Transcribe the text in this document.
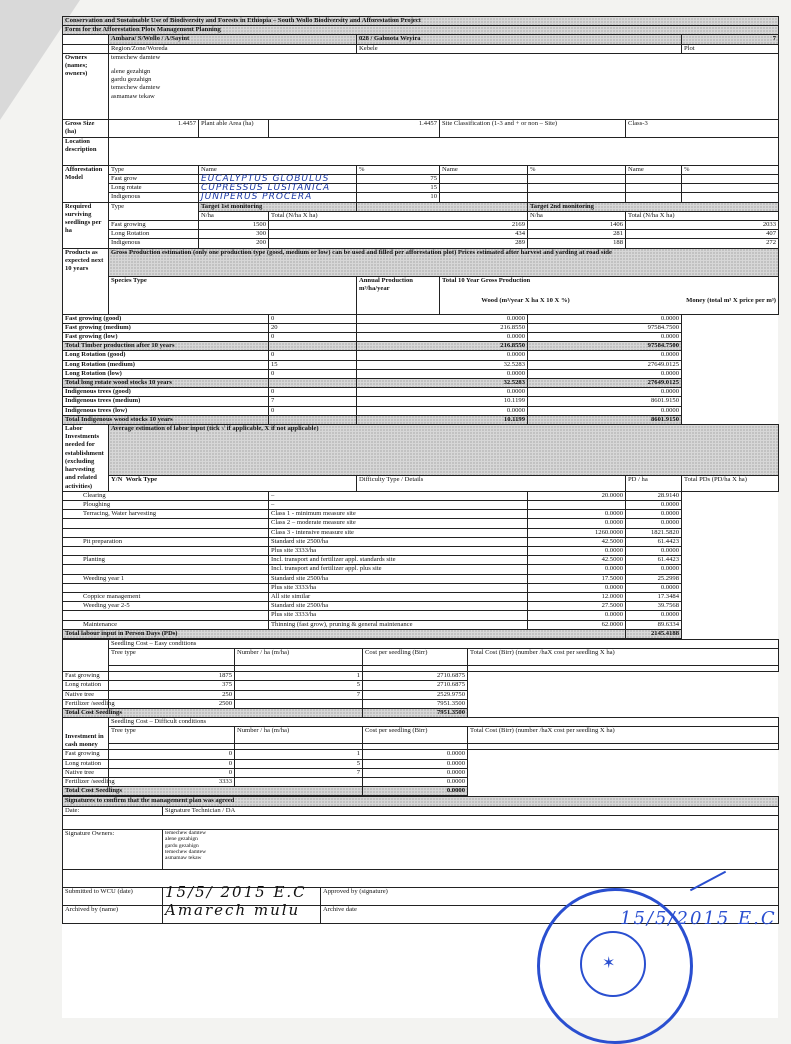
Conservation and Sustainable Use of Biodiversity and Forests in Ethiopia – South Wollo Biodiversity and Afforestation Project								
Form for the Afforestation Plots Management Planning								
	Amhara/ S/Wollo / A/Sayint			028 / Gabnota Weyira				7
	Region/Zone/Woreda			Kebele				Plot
Owners (names; owners)	temechew damtew
alene gezahign
gardu gezahign
temechew damtew
asmamaw tekaw							

Gross Size (ha)	1.4457	Plant able Area (ha)	1.4457		Site Classification (1-3 and + or non – Site)		Class-3	
Location description								
Afforestation Model	Type	Name		%	Name	%	Name	%
	Fast grow	EUCALYPTUS GLOBULUS		75				
	Long rotate	CUPRESSUS LUSITANICA		15				
	Indigenous	JUNIPERUS PROCERA		10				
Required surviving seedlings per ha	Type	Target 1st monitoring				Target 2nd monitoring		
		N/ha	Total (N/ha X ha)			N/ha	Total (N/ha X ha)	
	Fast growing	1500	2169			1406	2033	
	Long Rotation	300	434			281	407	
	Indigenous	200	289			188	272	
Products as expected next 10 years	Gross Production estimation (only one production type (good, medium or low) can be used and filled per afforestation plot) Prices estimated after harvest and yarding at road side							
	Species Type			Annual Production m³/ha/year	Total 10 Year Gross Production
Wood (m³/year X ha X 10 X %) Money (total m³ X price per m³)			

Fast growing (good)			0	0.0000		0.0000		
Fast growing (medium)			20	216.8550		97584.7500		
Fast growing (low)			0	0.0000		0.0000		
Total Timber production after 10 years				216.8550		97584.7500		
Long Rotation (good)			0	0.0000		0.0000		
Long Rotation (medium)			15	32.5283		27649.0125		
Long Rotation (low)			0	0.0000		0.0000		
Total long rotate wood stocks 10 years				32.5283		27649.0125		
Indigenous trees (good)			0	0.0000		0.0000		
Indigenous trees (medium)			7	10.1199		8601.9150		
Indigenous trees (low)			0	0.0000		0.0000		
Total Indigenous wood stocks 10 years				10.1199		8601.9150		
Labor Investments needed for establishment (excluding harvesting and related activities)	Average estimation of labor input (tick √ if applicable, X if not applicable)							
	Y/N Work Type			Difficulty Type / Details			PD / ha	Total PDs (PD/ha X ha)
Clearing			–			20.0000	28.9140	
Ploughing			–				0.0000	
Terracing, Water harvesting			Class 1 - minimum measure site			0.0000	0.0000	
			Class 2 – moderate measure site			0.0000	0.0000	
			Class 3 - intensive measure site			1260.0000	1821.5820	
Pit preparation			Standard site 2500/ha			42.5000	61.4423	
			Plus site 3333/ha			0.0000	0.0000	
Planting			Incl. transport and fertilizer appl. standards site			42.5000	61.4423	
			Incl. transport and fertilizer appl. plus site			0.0000	0.0000	
Weeding year 1			Standard site 2500/ha			17.5000	25.2998	
			Plus site 3333/ha			0.0000	0.0000	
Coppice management			All site similar			12.0000	17.3484	
Weeding year 2-5			Standard site 2500/ha			27.5000	39.7568	
			Plus site 3333/ha			0.0000	0.0000	
Maintenance			Thinning (fast grow), pruning & general maintenance			62.0000	89.6334	
Total labour input in Person Days (PDs)							2145.4188	
	Seedling Cost – Easy conditions			
	Tree type	Number / ha (m/ha)	Cost per seedling (Birr)	Total Cost (Birr) (number /haX cost per seedling X ha)

Fast growing	1875	1	2710.6875	
Long rotation	375	5	2710.6875	
Native tree	250	7	2529.9750	
Fertilizer /seedling	2500		7951.3500	
Total Cost Seedlings			7951.3500	
Investment in cash money	Seedling Cost – Difficult conditions			
	Tree type	Number / ha (m/ha)	Cost per seedling (Birr)	Total Cost (Birr) (number /haX cost per seedling X ha)

Fast growing	0	1	0.0000	
Long rotation	0	5	0.0000	
Native tree	0	7	0.0000	
Fertilizer /seedling	3333		0.0000	
Total Cost Seedlings			0.0000	
Signatures to confirm that the management plan was agreed		
Date:	Signature Technician / DA	

Signature Owners:	temechew damtew
alene gezahign
gardu gezahign
temechew damtew
asmamaw tekaw	

Submitted to WCU (date)	15/5/ 2015 E.C	Approved by (signature)
Archived by (name)	Amarech mulu	Archive date
✶
15/5/2015 E.C
